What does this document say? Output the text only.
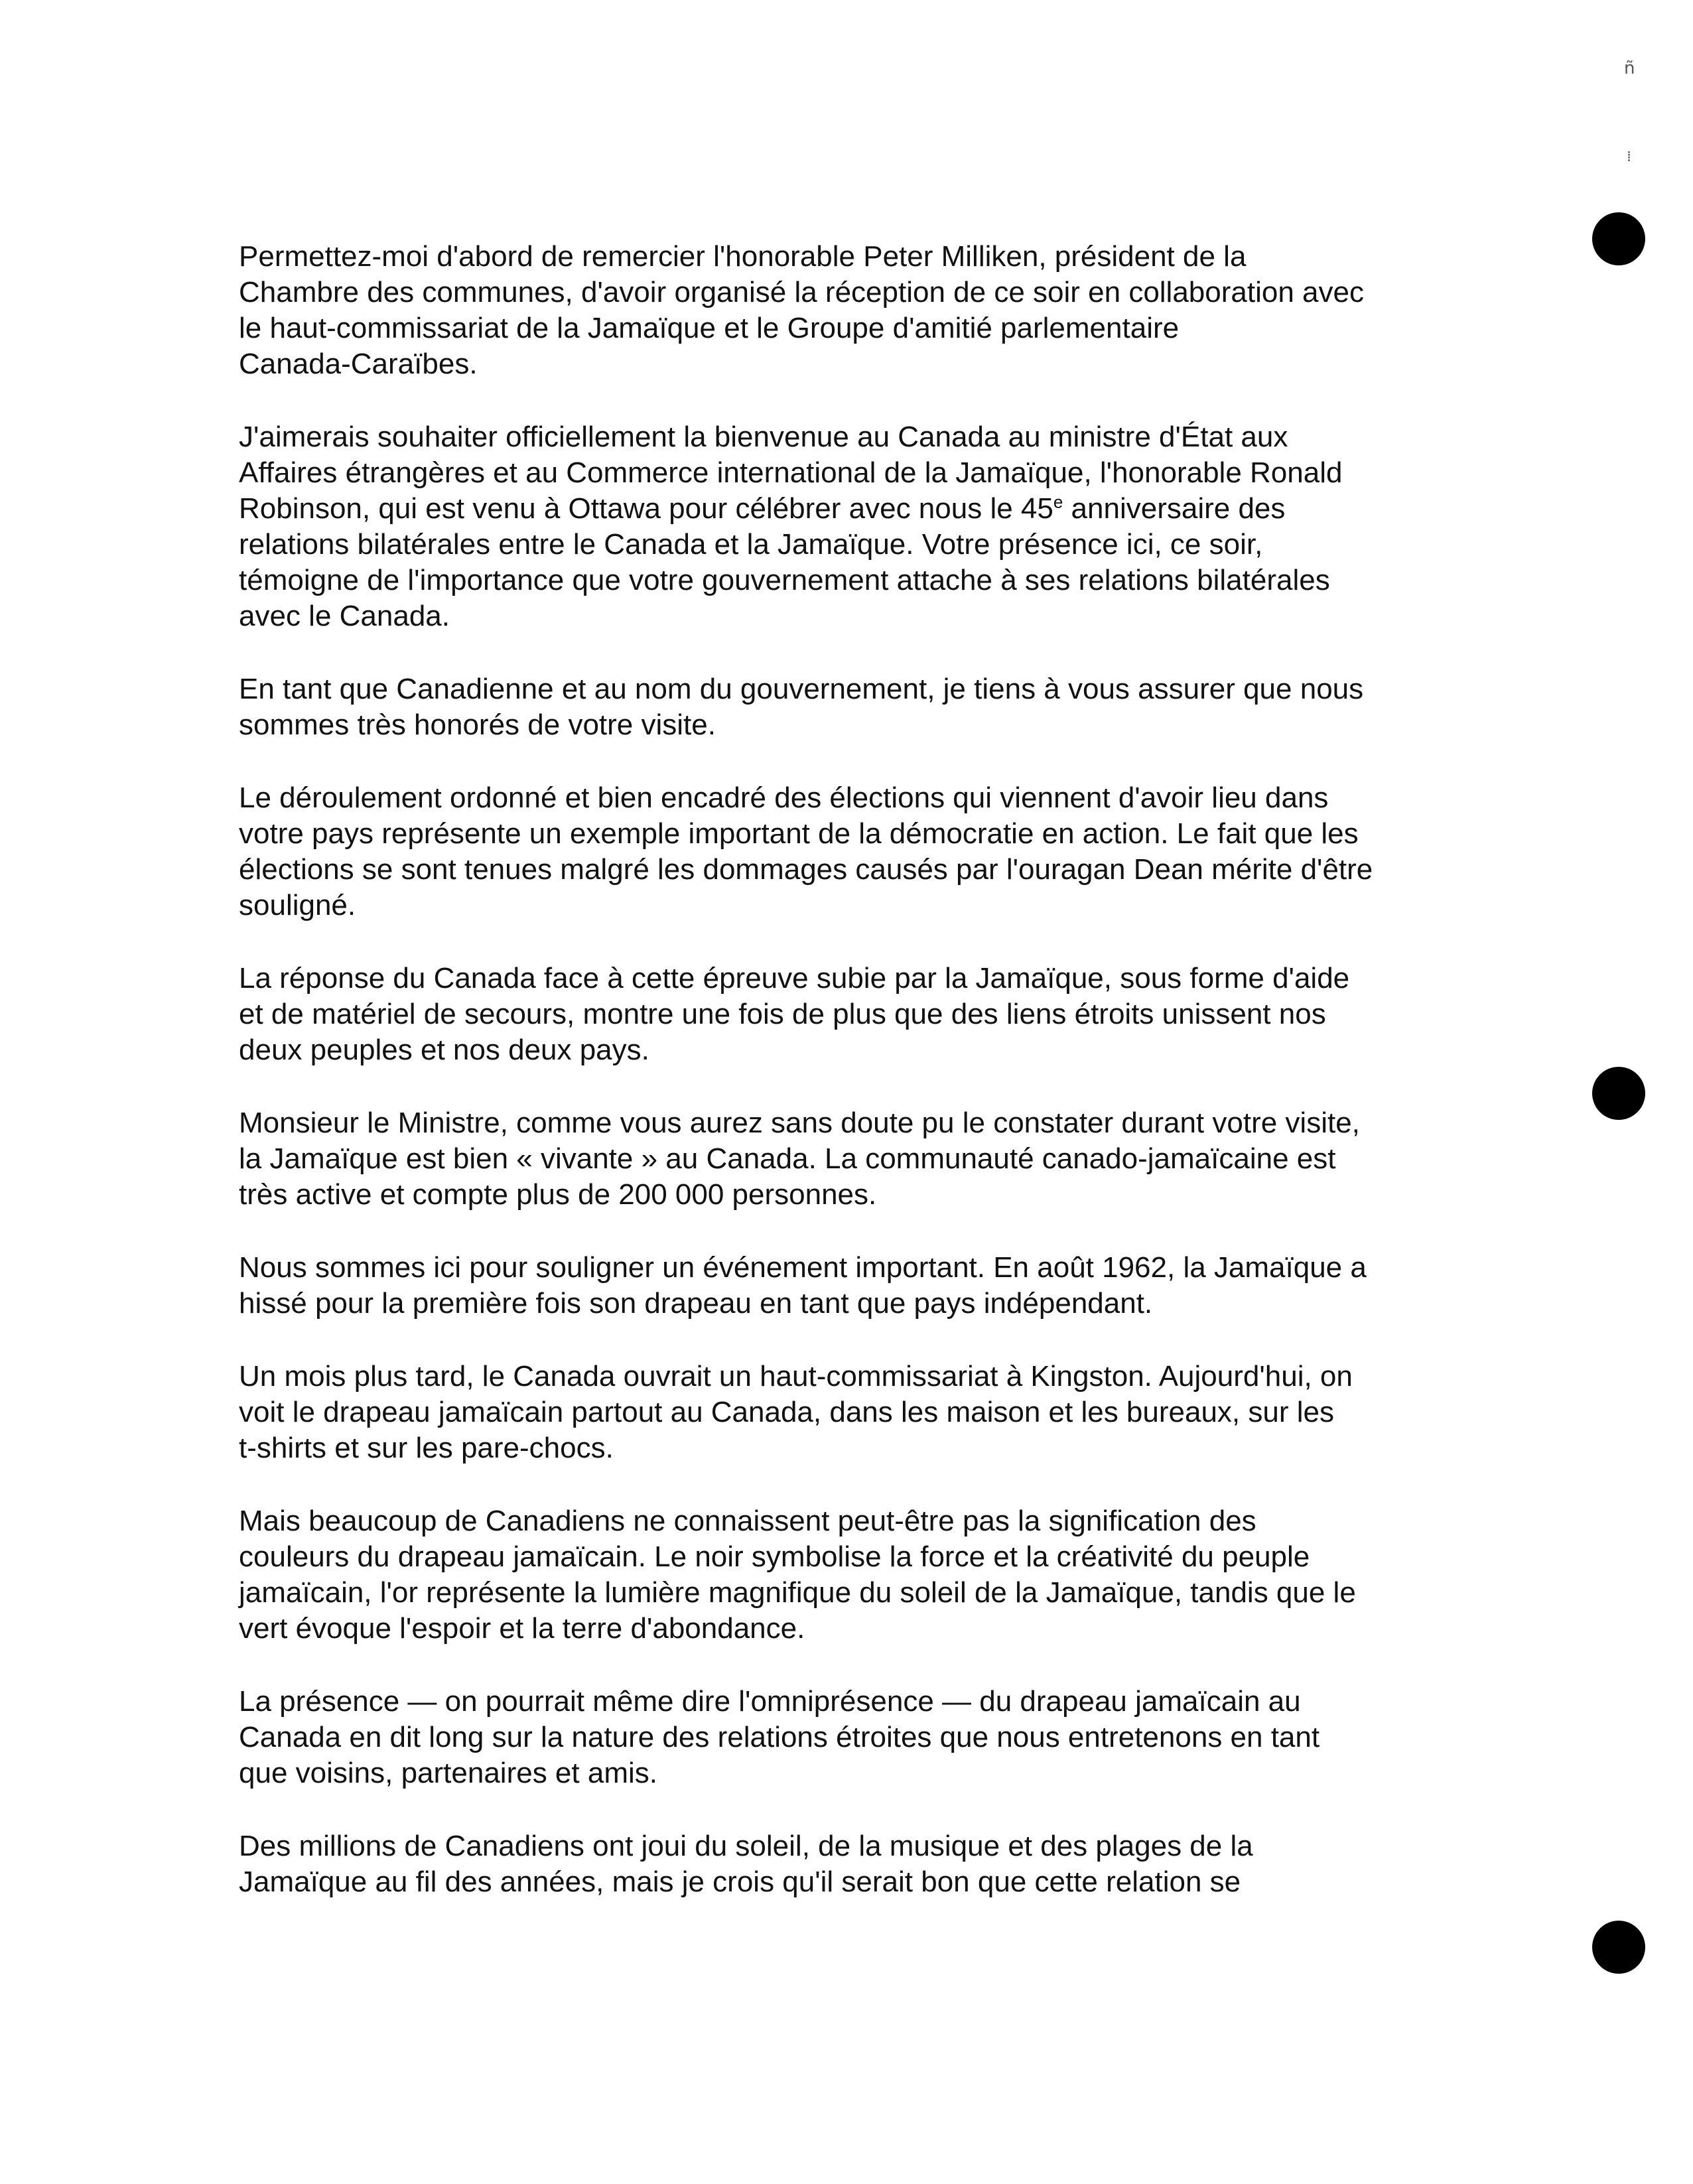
ñ
⁞

Permettez-moi d'abord de remercier l'honorable Peter Milliken, président de la
Chambre des communes, d'avoir organisé la réception de ce soir en collaboration avec
le haut-commissariat de la Jamaïque et le Groupe d'amitié parlementaire
Canada-Caraïbes.

J'aimerais souhaiter officiellement la bienvenue au Canada au ministre d'État aux
Affaires étrangères et au Commerce international de la Jamaïque, l'honorable Ronald
Robinson, qui est venu à Ottawa pour célébrer avec nous le 45e anniversaire des
relations bilatérales entre le Canada et la Jamaïque. Votre présence ici, ce soir,
témoigne de l'importance que votre gouvernement attache à ses relations bilatérales
avec le Canada.

En tant que Canadienne et au nom du gouvernement, je tiens à vous assurer que nous
sommes très honorés de votre visite.

Le déroulement ordonné et bien encadré des élections qui viennent d'avoir lieu dans
votre pays représente un exemple important de la démocratie en action. Le fait que les
élections se sont tenues malgré les dommages causés par l'ouragan Dean mérite d'être
souligné.

La réponse du Canada face à cette épreuve subie par la Jamaïque, sous forme d'aide
et de matériel de secours, montre une fois de plus que des liens étroits unissent nos
deux peuples et nos deux pays.

Monsieur le Ministre, comme vous aurez sans doute pu le constater durant votre visite,
la Jamaïque est bien « vivante » au Canada. La communauté canado-jamaïcaine est
très active et compte plus de 200 000 personnes.

Nous sommes ici pour souligner un événement important. En août 1962, la Jamaïque a
hissé pour la première fois son drapeau en tant que pays indépendant.

Un mois plus tard, le Canada ouvrait un haut-commissariat à Kingston. Aujourd'hui, on
voit le drapeau jamaïcain partout au Canada, dans les maison et les bureaux, sur les
t-shirts et sur les pare-chocs.

Mais beaucoup de Canadiens ne connaissent peut-être pas la signification des
couleurs du drapeau jamaïcain. Le noir symbolise la force et la créativité du peuple
jamaïcain, l'or représente la lumière magnifique du soleil de la Jamaïque, tandis que le
vert évoque l'espoir et la terre d'abondance.

La présence — on pourrait même dire l'omniprésence — du drapeau jamaïcain au
Canada en dit long sur la nature des relations étroites que nous entretenons en tant
que voisins, partenaires et amis.

Des millions de Canadiens ont joui du soleil, de la musique et des plages de la
Jamaïque au fil des années, mais je crois qu'il serait bon que cette relation se
